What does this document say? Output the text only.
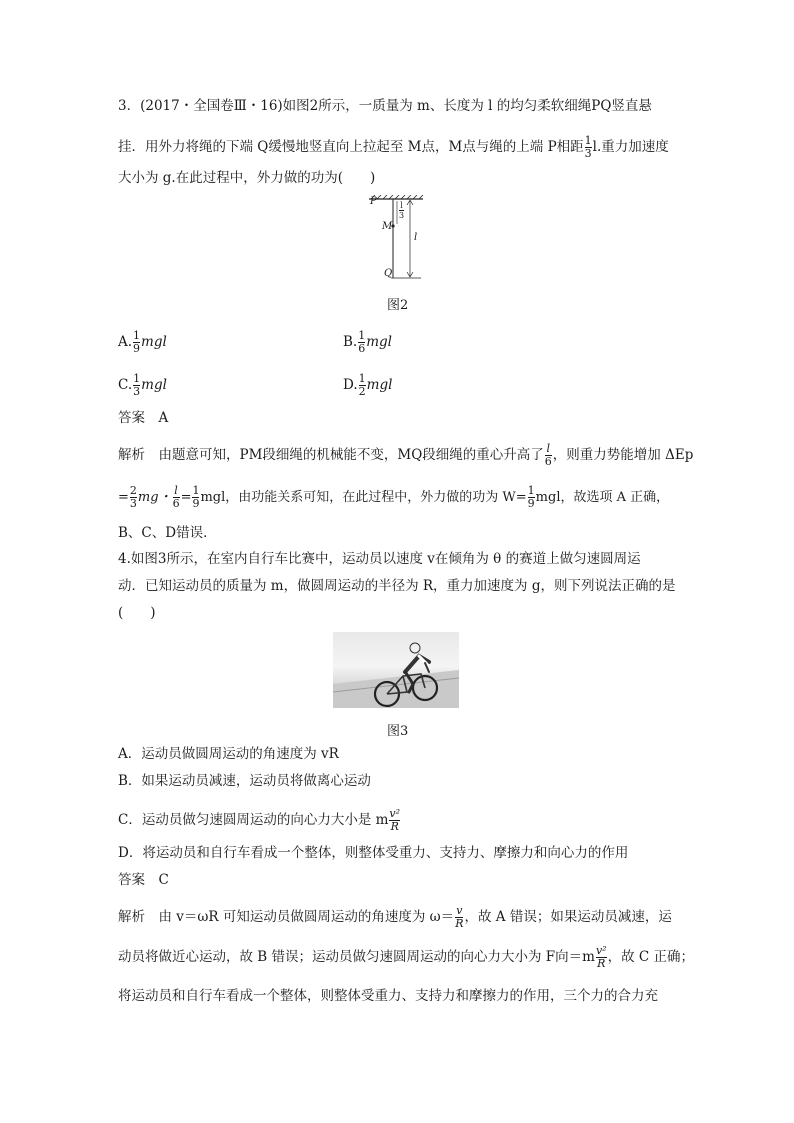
3．(2017・全国卷Ⅲ・16)如图2所示，一质量为 m、长度为 l 的均匀柔软细绳PQ竖直悬
挂．用外力将绳的下端 Q缓慢地竖直向上拉起至 M点，M点与绳的上端 P相距 $\frac{1}{3} l$.重力加速度
大小为 g.在此过程中，外力做的功为(　　)
P
M
Q
$\frac{l}{3}$
l
图2
A. $\frac{1}{9}$ mgl	B. $\frac{1}{6}$ mgl
C. $\frac{1}{3}$ mgl	D. $\frac{1}{2}$ mgl
答案　A
解析　由题意可知，PM段细绳的机械能不变，MQ段细绳的重心升高了 $\frac{l}{6}$ ，则重力势能增加 ΔEp
= $\frac{2}{3}$ mg・ $\frac{l}{6} = \frac{1}{9}$ mgl，由功能关系可知，在此过程中，外力做的功为 $W= \frac{1}{9}$ mgl，故选项 A 正确，
B、C、D错误．
4.如图3所示，在室内自行车比赛中，运动员以速度 v在倾角为 θ 的赛道上做匀速圆周运
动．已知运动员的质量为 m，做圆周运动的半径为 R，重力加速度为 g，则下列说法正确的是
(　　)
图3
A．运动员做圆周运动的角速度为 vR
B．如果运动员减速，运动员将做离心运动
C．运动员做匀速圆周运动的向心力大小是 m $\frac{\text{v²}}{R}$
D．将运动员和自行车看成一个整体，则整体受重力、支持力、摩擦力和向心力的作用
答案　C
解析　由 v＝ωR 可知运动员做圆周运动的角速度为 $\omega= \frac{v}{R}$ ，故 A 错误；如果运动员减速，运
动员将做近心运动，故 B 错误；运动员做匀速圆周运动的向心力大小为 F向$=m \frac{\text{v²}}{R}$ ，故 C 正确；
将运动员和自行车看成一个整体，则整体受重力、支持力和摩擦力的作用，三个力的合力充
